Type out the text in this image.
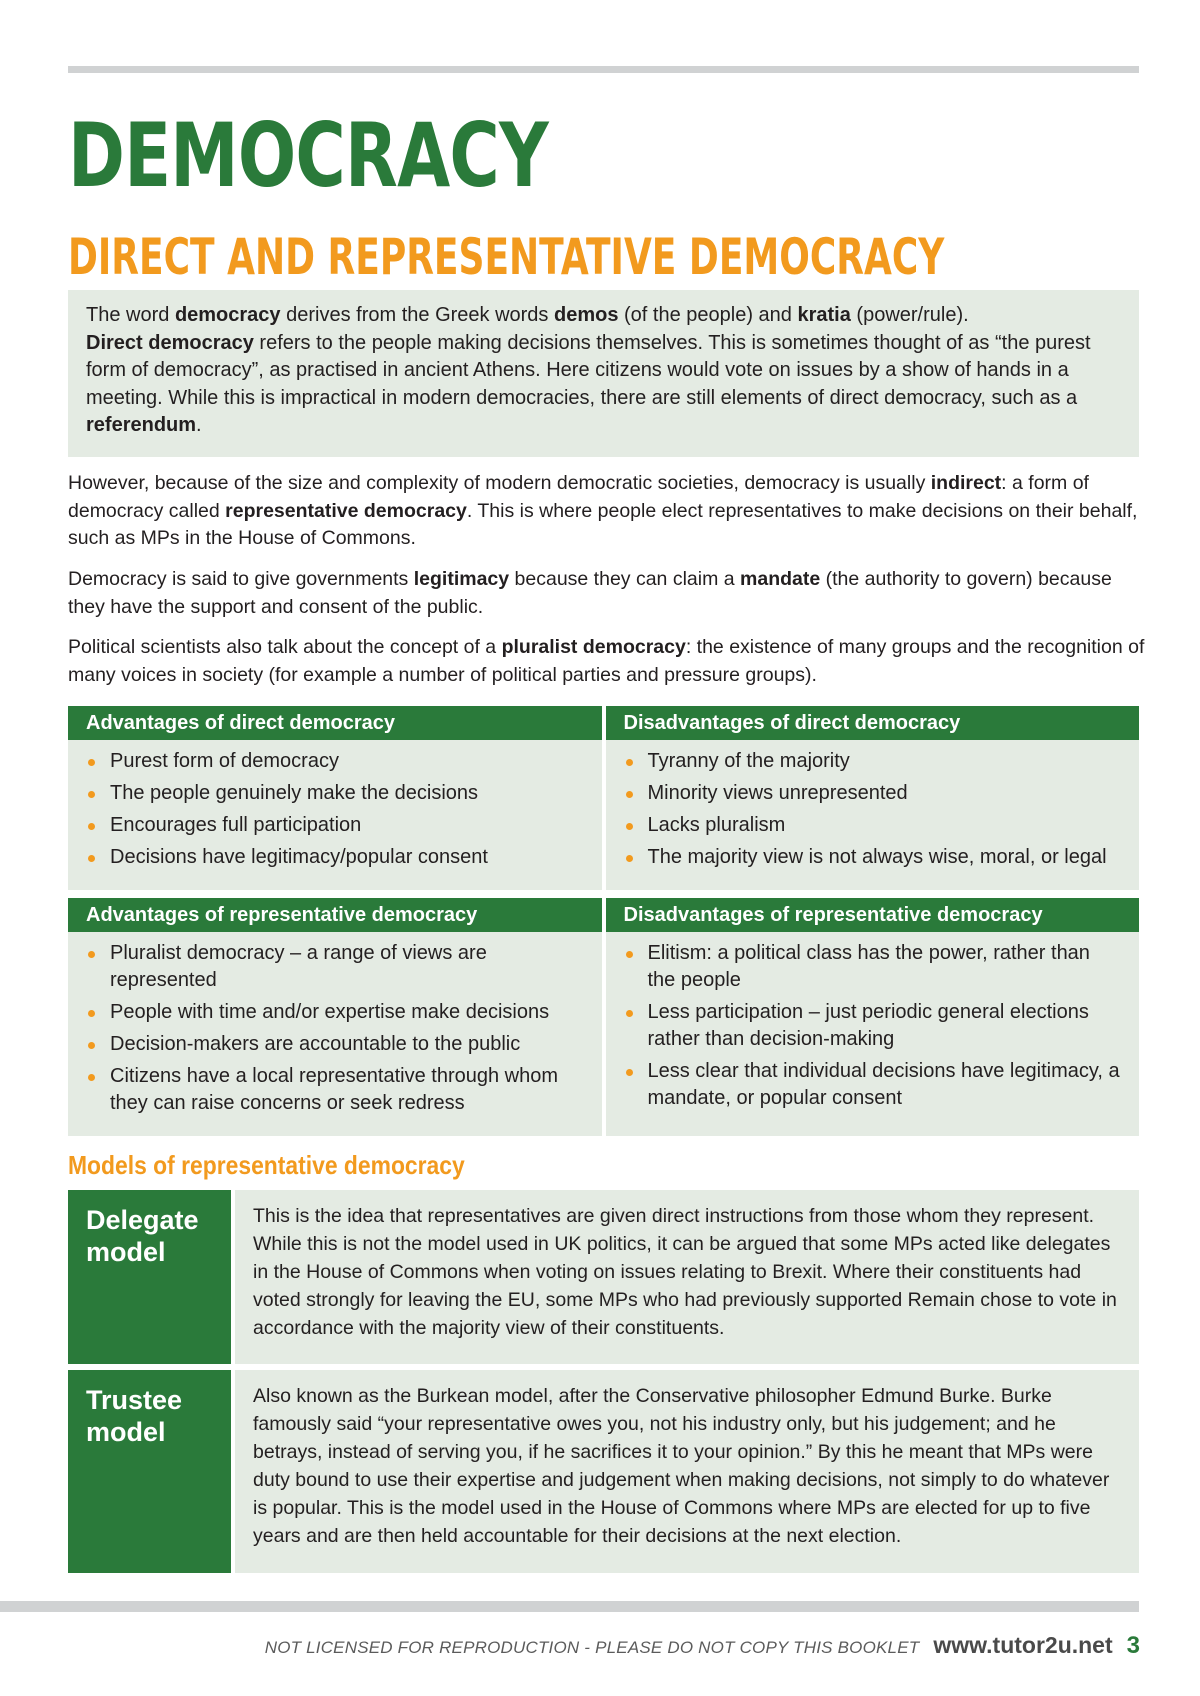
DEMOCRACY
DIRECT AND REPRESENTATIVE DEMOCRACY

The word democracy derives from the Greek words demos (of the people) and kratia (power/rule).
Direct democracy refers to the people making decisions themselves. This is sometimes thought of as “the purest form of democracy”, as practised in ancient Athens. Here citizens would vote on issues by a show of hands in a meeting. While this is impractical in modern democracies, there are still elements of direct democracy, such as a referendum.

However, because of the size and complexity of modern democratic societies, democracy is usually indirect: a form of democracy called representative democracy. This is where people elect representatives to make decisions on their behalf, such as MPs in the House of Commons.

Democracy is said to give governments legitimacy because they can claim a mandate (the authority to govern) because they have the support and consent of the public.

Political scientists also talk about the concept of a pluralist democracy: the existence of many groups and the recognition of many voices in society (for example a number of political parties and pressure groups).

Advantages of direct democracy
Purest form of democracy
The people genuinely make the decisions
Encourages full participation
Decisions have legitimacy/popular consent
Disadvantages of direct democracy
Tyranny of the majority
Minority views unrepresented
Lacks pluralism
The majority view is not always wise, moral, or legal
Advantages of representative democracy
Pluralist democracy – a range of views are represented
People with time and/or expertise make decisions
Decision-makers are accountable to the public
Citizens have a local representative through whom they can raise concerns or seek redress
Disadvantages of representative democracy
Elitism: a political class has the power, rather than the people
Less participation – just periodic general elections rather than decision-making
Less clear that individual decisions have legitimacy, a mandate, or popular consent
Models of representative democracy
Delegate model
This is the idea that representatives are given direct instructions from those whom they represent. While this is not the model used in UK politics, it can be argued that some MPs acted like delegates in the House of Commons when voting on issues relating to Brexit. Where their constituents had voted strongly for leaving the EU, some MPs who had previously supported Remain chose to vote in accordance with the majority view of their constituents.
Trustee model
Also known as the Burkean model, after the Conservative philosopher Edmund Burke. Burke famously said “your representative owes you, not his industry only, but his judgement; and he betrays, instead of serving you, if he sacrifices it to your opinion.” By this he meant that MPs were duty bound to use their expertise and judgement when making decisions, not simply to do whatever is popular. This is the model used in the House of Commons where MPs are elected for up to five years and are then held accountable for their decisions at the next election.
NOT LICENSED FOR REPRODUCTION - PLEASE DO NOT COPY THIS BOOKLET www.tutor2u.net 3
